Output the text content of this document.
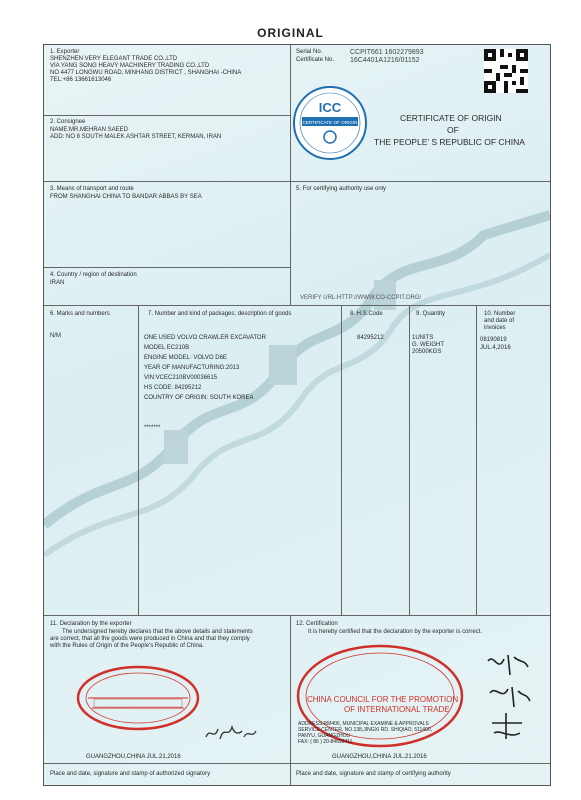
ORIGINAL
1. Exporter
SHENZHEN VERY ELEGANT TRADE CO.,LTD
VIA YANG SONG HEAVY MACHINERY TRADING CO.,LTD
NO 4477 LONGWU ROAD, MINHANG DISTRICT , SHANGHAI -CHINA
TEL:+86 13661613046
Serial No.	CCPIT661 1602279893
Certificate No. 16C4401A1216/01152
ICC
CERTIFICATE OF ORIGIN	CERTIFICATE OF ORIGIN
OF
THE PEOPLE' S REPUBLIC OF CHINA
2. Consignee
NAME:MR.MEHRAN SAEED
ADD: NO 8 SOUTH MALEK ASHTAR STREET, KERMAN, IRAN
3. Means of transport and route
FROM SHANGHAI CHINA TO BANDAR ABBAS BY SEA
5. For certifying authority use only
VERIFY URL:HTTP://WWW.CO-CCPIT.ORG/
4. Country / region of destination
IRAN
6. Marks and numbers	7. Number and kind of packages; description of goods	8. H.S.Code	9. Quantity	10. Number
and date of
invoices
N/M	ONE USED VOLVO CRAWLER EXCAVATOR
MODEL EC210B
ENGINE MODEL: VOLVO D6E
YEAR OF MANUFACTURING:2013
VIN:VCEC210BV00036615
HS CODE: 84295212
COUNTRY OF ORIGIN: SOUTH KOREA
*******
84295212	1UNITS
G. WEIGHT
20500KGS
08190819
JUL.4,2016
11. Declaration by the exporter
The undersigned hereby declares that the above details and statements
are correct, that all the goods were produced in China and that they comply
with the Rules of Origin of the People's Republic of China.
GUANGZHOU,CHINA JUL.21,2016
Place and date, signature and stamp of authorized signatory
12. Certification
It is hereby certified that the declaration by the exporter is correct.
CHINA COUNCIL FOR THE PROMOTION
OF INTERNATIONAL TRADE
ADDRESS:RM406, MUNICIPAL EXAMINE & APPROVALS
SERVICE CENTER, NO.138,JINGXI RD. SHIQIAO, 511400,
PANYU, GUANGZHOU
FAX: ( 86 ) 20-84693411
GUANGZHOU,CHINA JUL.21,2016
Place and date, signature and stamp of certifying authority
